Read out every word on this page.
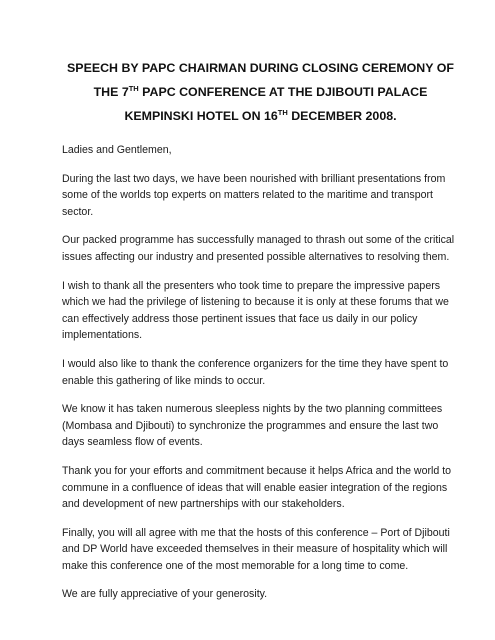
SPEECH BY PAPC CHAIRMAN DURING CLOSING CEREMONY OF
THE 7TH PAPC CONFERENCE AT THE DJIBOUTI PALACE
KEMPINSKI HOTEL ON 16TH DECEMBER 2008.

Ladies and Gentlemen,

During the last two days, we have been nourished with brilliant presentations from some of the worlds top experts on matters related to the maritime and transport sector.

Our packed programme has successfully managed to thrash out some of the critical issues affecting our industry and presented possible alternatives to resolving them.

I wish to thank all the presenters who took time to prepare the impressive papers which we had the privilege of listening to because it is only at these forums that we can effectively address those pertinent issues that face us daily in our policy implementations.

I would also like to thank the conference organizers for the time they have spent to enable this gathering of like minds to occur.

We know it has taken numerous sleepless nights by the two planning committees (Mombasa and Djibouti) to synchronize the programmes and ensure the last two days seamless flow of events.

Thank you for your efforts and commitment because it helps Africa and the world to commune in a confluence of ideas that will enable easier integration of the regions and development of new partnerships with our stakeholders.

Finally, you will all agree with me that the hosts of this conference – Port of Djibouti and DP World have exceeded themselves in their measure of hospitality which will make this conference one of the most memorable for a long time to come.

We are fully appreciative of your generosity.
